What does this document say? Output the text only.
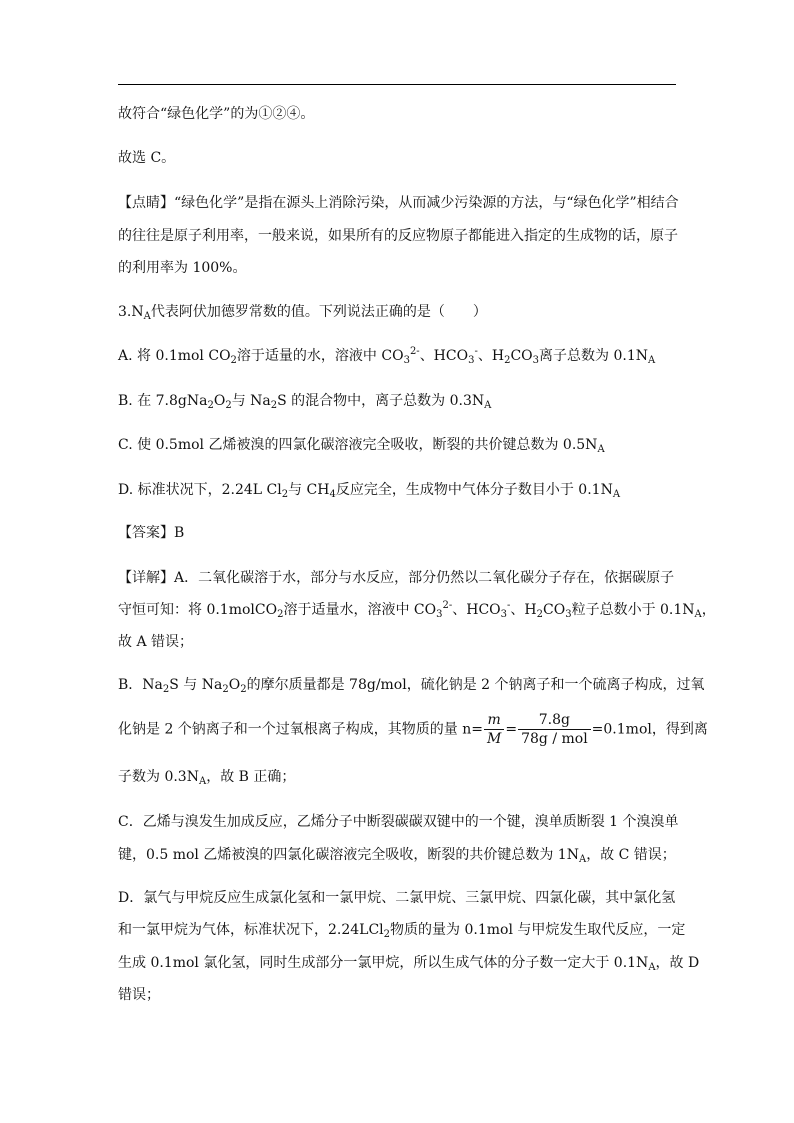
故符合“绿色化学”的为①②④。
故选 C。
【点睛】“绿色化学”是指在源头上消除污染，从而减少污染源的方法，与“绿色化学”相结合
的往往是原子利用率，一般来说，如果所有的反应物原子都能进入指定的生成物的话，原子
的利用率为 100%。
$3.N_A$代表阿伏加德罗常数的值。下列说法正确的是（　　）
A. 将 0.1mol $CO_2$溶于适量的水，溶液中 $CO_3^{2-}$、$HCO_3^-$、$H_2CO_3$离子总数为 $0.1N_A$
B. 在 $7.8gNa_2O_2$与 $Na_2S$ 的混合物中，离子总数为 $0.3N_A$
C. 使 0.5mol 乙烯被溴的四氯化碳溶液完全吸收，断裂的共价键总数为 $0.5N_A$
D. 标准状况下，2.24L $Cl_2$与 $CH_4$反应完全，生成物中气体分子数目小于 $0.1N_A$
【答案】B
【详解】A．二氧化碳溶于水，部分与水反应，部分仍然以二氧化碳分子存在，依据碳原子
守恒可知：将 0.1molCO$_2$溶于适量水，溶液中 $CO_3^{2-}$、$HCO_3^-$、$H_2CO_3$粒子总数小于 $0.1N_A$，
故 A 错误；
B．$Na_2S$ 与 $Na_2O_2$的摩尔质量都是 78g/mol，硫化钠是 2 个钠离子和一个硫离子构成，过氧
化钠是 2 个钠离子和一个过氧根离子构成，其物质的量 $n= \frac{m}{M} = \frac{7.8g}{\text{78g / mol}} =0.1mol$，得到离
子数为 $0.3N_A$，故 B 正确；
C．乙烯与溴发生加成反应，乙烯分子中断裂碳碳双键中的一个键，溴单质断裂 1 个溴溴单
键，0.5 mol 乙烯被溴的四氯化碳溶液完全吸收，断裂的共价键总数为 $1N_A$，故 C 错误；
D．氯气与甲烷反应生成氯化氢和一氯甲烷、二氯甲烷、三氯甲烷、四氯化碳，其中氯化氢
和一氯甲烷为气体，标准状况下，2.24LCl$_2$物质的量为 0.1mol 与甲烷发生取代反应，一定
生成 0.1mol 氯化氢，同时生成部分一氯甲烷，所以生成气体的分子数一定大于 $0.1N_A$，故 D
错误；
